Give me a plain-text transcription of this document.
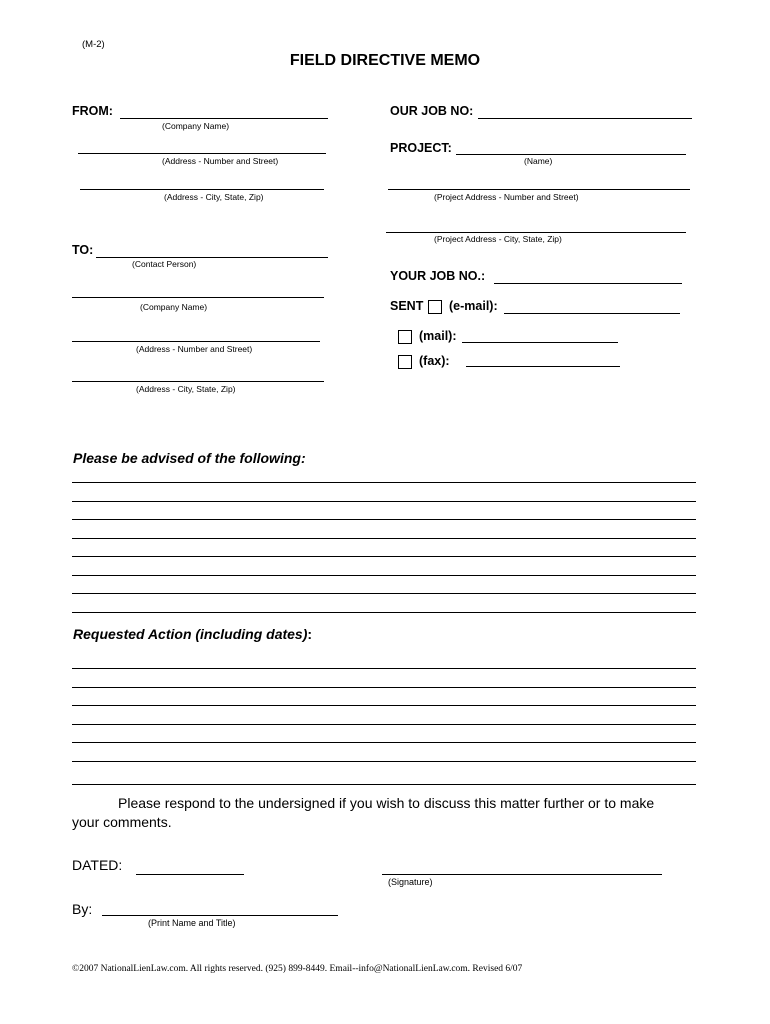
(M-2)
FIELD DIRECTIVE MEMO
FROM:
(Company Name)
(Address - Number and Street)
(Address - City, State, Zip)
TO:
(Contact Person)
(Company Name)
(Address - Number and Street)
(Address - City, State, Zip)
OUR JOB NO:
PROJECT:
(Name)
(Project Address - Number and Street)
(Project Address - City, State, Zip)
YOUR JOB NO.:
SENT (e-mail):
(mail):
(fax):
Please be advised of the following:
Requested Action (including dates):
Please respond to the undersigned if you wish to discuss this matter further or to make
your comments.
DATED:
(Signature)
By:
(Print Name and Title)
©2007 NationalLienLaw.com. All rights reserved. (925) 899-8449. Email--info@NationalLienLaw.com. Revised 6/07
